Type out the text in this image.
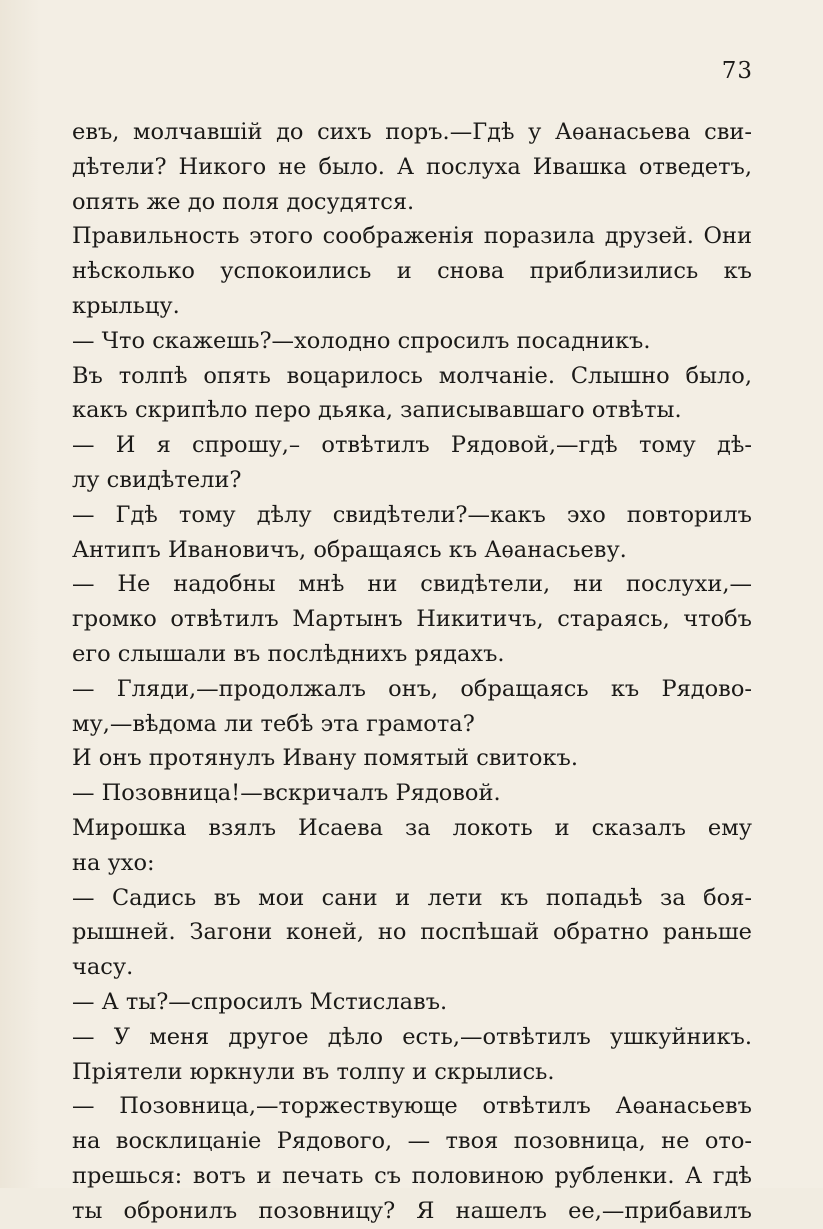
73
евъ, молчавшій до сихъ поръ.—Гдѣ у Аѳанасьева сви-
дѣтели? Никого не было. А послуха Ивашка отведетъ,
опять же до поля досудятся.
Правильность этого соображенія поразила друзей. Они
нѣсколько успокоились и снова приблизились къ
крыльцу.
— Что скажешь?—холодно спросилъ посадникъ.
Въ толпѣ опять воцарилось молчаніе. Слышно было,
какъ скрипѣло перо дьяка, записывавшаго отвѣты.
— И я спрошу,– отвѣтилъ Рядовой,—гдѣ тому дѣ-
лу свидѣтели?
— Гдѣ тому дѣлу свидѣтели?—какъ эхо повторилъ
Антипъ Ивановичъ, обращаясь къ Аѳанасьеву.
— Не надобны мнѣ ни свидѣтели, ни послухи,—
громко отвѣтилъ Мартынъ Никитичъ, стараясь, чтобъ
его слышали въ послѣднихъ рядахъ.
— Гляди,—продолжалъ онъ, обращаясь къ Рядово-
му,—вѣдома ли тебѣ эта грамота?
И онъ протянулъ Ивану помятый свитокъ.
— Позовница!—вскричалъ Рядовой.
Мирошка взялъ Исаева за локоть и сказалъ ему
на ухо:
— Садись въ мои сани и лети къ попадьѣ за боя-
рышней. Загони коней, но поспѣшай обратно раньше
часу.
— А ты?—спросилъ Мстиславъ.
— У меня другое дѣло есть,—отвѣтилъ ушкуйникъ.
Пріятели юркнули въ толпу и скрылись.
— Позовница,—торжествующе отвѣтилъ Аѳанасьевъ
на восклицаніе Рядового, — твоя позовница, не ото-
прешься: вотъ и печать съ половиною рубленки. А гдѣ
ты обронилъ позовницу? Я нашелъ ее,—прибавилъ
